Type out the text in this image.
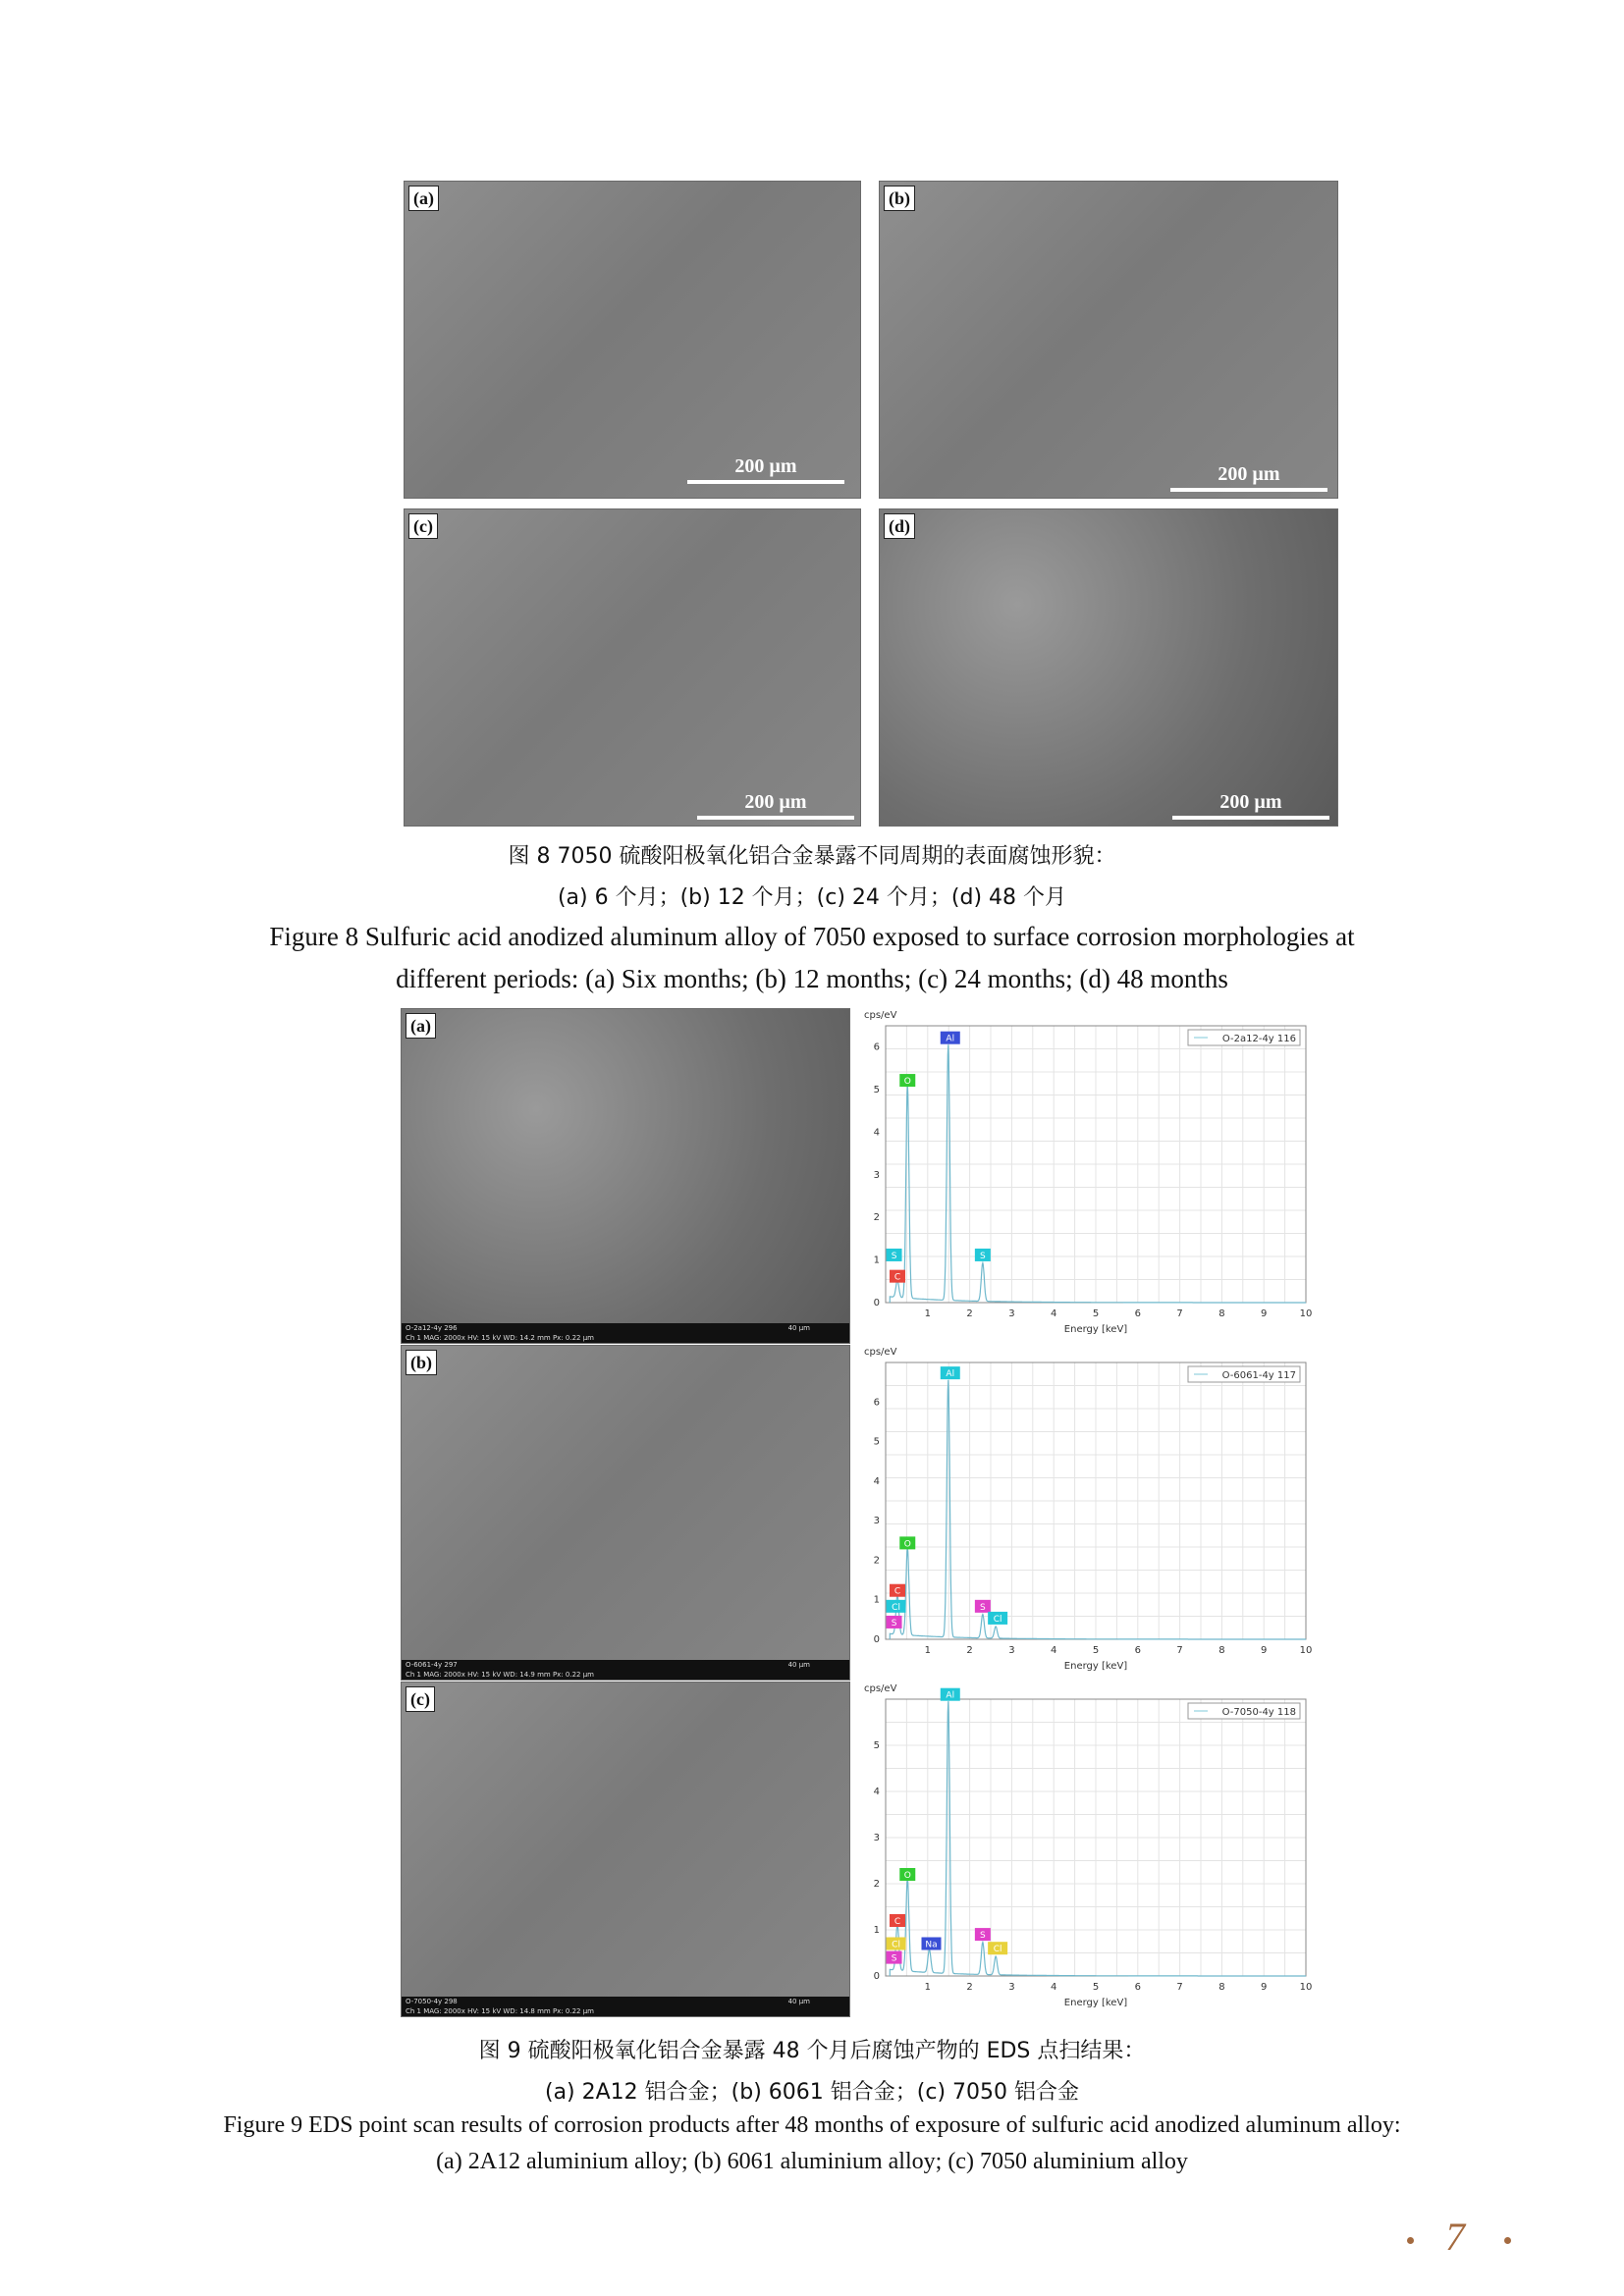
(a)
200 µm
(b)
200 µm
(c)
200 µm
(d)
200 µm
图 8 7050 硫酸阳极氧化铝合金暴露不同周期的表面腐蚀形貌：
(a) 6 个月；(b) 12 个月；(c) 24 个月；(d) 48 个月
Figure 8 Sulfuric acid anodized aluminum alloy of 7050 exposed to surface corrosion morphologies at
different periods: (a) Six months; (b) 12 months; (c) 24 months; (d) 48 months
(a)
O-2a12-4y 296
Ch 1 MAG: 2000x HV: 15 kV WD: 14.2 mm Px: 0.22 µm
40 µm
cps/eV
0
1
2
3
4
5
6
1	2	3	4	5	6	7	8	9	10
Energy [keV]
O-2a12-4y 116
C
O
Al
S
S
(b)
O-6061-4y 297
Ch 1 MAG: 2000x HV: 15 kV WD: 14.9 mm Px: 0.22 µm
40 µm
cps/eV
0
1
2
3
4
5
6
1	2	3	4	5	6	7	8	9	10
Energy [keV]
O-6061-4y 117
C
O
Al
S
Cl
Cl
S
(c)
O-7050-4y 298
Ch 1 MAG: 2000x HV: 15 kV WD: 14.8 mm Px: 0.22 µm
40 µm
cps/eV
0
1
2
3
4
5
1	2	3	4	5	6	7	8	9	10
Energy [keV]
O-7050-4y 118
C
O
Na
Al
S
Cl
Cl
S
图 9 硫酸阳极氧化铝合金暴露 48 个月后腐蚀产物的 EDS 点扫结果：
(a) 2A12 铝合金；(b) 6061 铝合金；(c) 7050 铝合金
Figure 9 EDS point scan results of corrosion products after 48 months of exposure of sulfuric acid anodized aluminum alloy:
(a) 2A12 aluminium alloy; (b) 6061 aluminium alloy; (c) 7050 aluminium alloy
7
